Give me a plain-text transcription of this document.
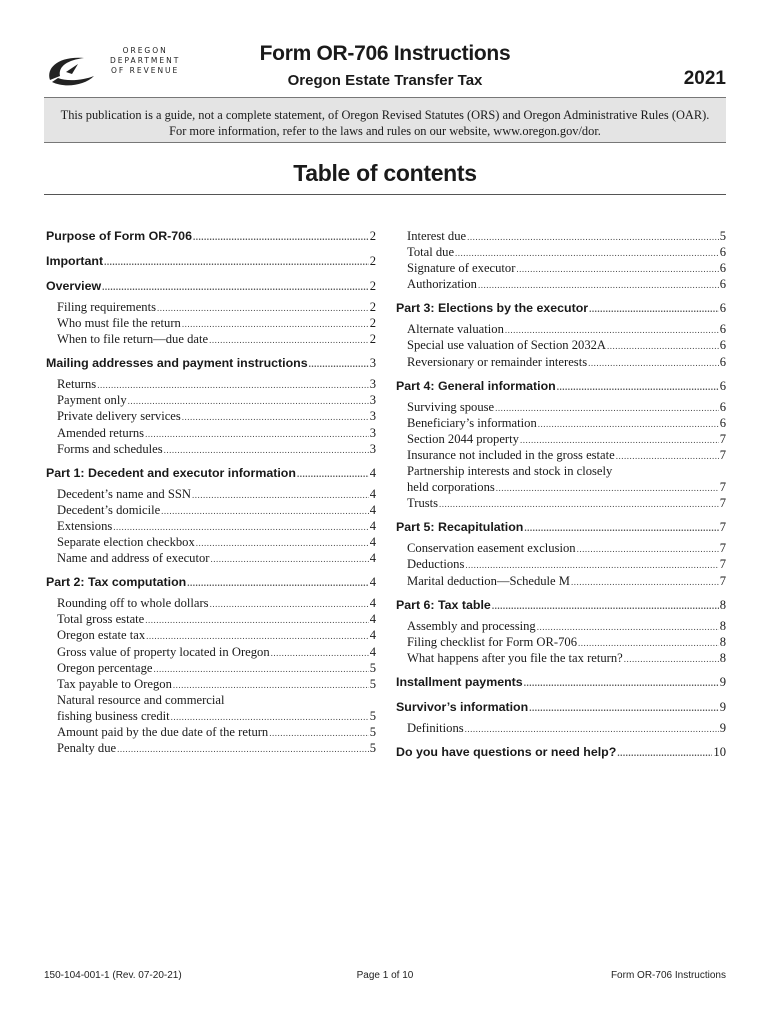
OREGON
DEPARTMENT
OF REVENUE
Form OR-706 Instructions
Oregon Estate Transfer Tax	2021
This publication is a guide, not a complete statement, of Oregon Revised Statutes (ORS) and Oregon Administrative Rules (OAR).
For more information, refer to the laws and rules on our website, www.oregon.gov/dor.
Table of contents
Purpose of Form OR-706 .....	2
Important .....	2
Overview .....	2
Filing requirements .....	2
Who must file the return .....	2
When to file return—due date .....	2
Mailing addresses and payment instructions .....	3
Returns .....	3
Payment only .....	3
Private delivery services .....	3
Amended returns .....	3
Forms and schedules .....	3
Part 1: Decedent and executor information .....	4
Decedent’s name and SSN .....	4
Decedent’s domicile .....	4
Extensions .....	4
Separate election checkbox .....	4
Name and address of executor .....	4
Part 2: Tax computation .....	4
Rounding off to whole dollars .....	4
Total gross estate .....	4
Oregon estate tax .....	4
Gross value of property located in Oregon .....	4
Oregon percentage .....	5
Tax payable to Oregon .....	5
Natural resource and commercial
fishing business credit .....	5
Amount paid by the due date of the return .....	5
Penalty due .....	5
Interest due .....	5
Total due .....	6
Signature of executor .....	6
Authorization .....	6
Part 3: Elections by the executor .....	6
Alternate valuation .....	6
Special use valuation of Section 2032A .....	6
Reversionary or remainder interests .....	6
Part 4: General information .....	6
Surviving spouse .....	6
Beneficiary’s information .....	6
Section 2044 property .....	7
Insurance not included in the gross estate .....	7
Partnership interests and stock in closely
held corporations .....	7
Trusts .....	7
Part 5: Recapitulation .....	7
Conservation easement exclusion .....	7
Deductions .....	7
Marital deduction—Schedule M .....	7
Part 6: Tax table .....	8
Assembly and processing .....	8
Filing checklist for Form OR-706 .....	8
What happens after you file the tax return? .....	8
Installment payments .....	9
Survivor’s information .....	9
Definitions .....	9
Do you have questions or need help? .....	10
150-104-001-1 (Rev. 07-20-21)	Page 1 of 10	Form OR-706 Instructions
